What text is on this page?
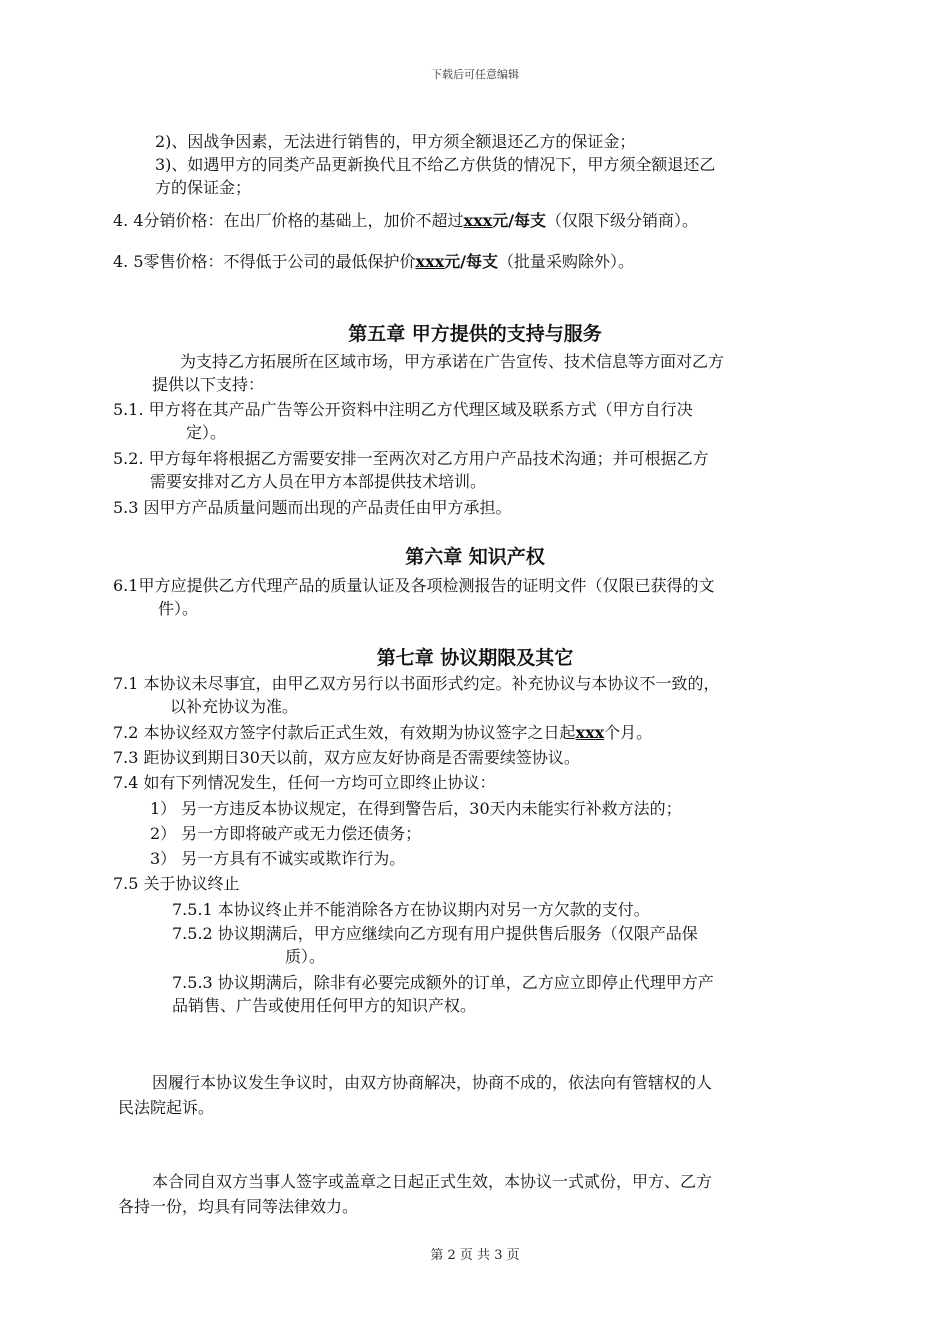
下载后可任意编辑

2)、因战争因素，无法进行销售的，甲方须全额退还乙方的保证金；

3)、如遇甲方的同类产品更新换代且不给乙方供货的情况下，甲方须全额退还乙

方的保证金；

4. 4分销价格：在出厂价格的基础上，加价不超过xxx元/每支（仅限下级分销商）。

4. 5零售价格：不得低于公司的最低保护价xxx元/每支（批量采购除外）。

第五章 甲方提供的支持与服务

为支持乙方拓展所在区域市场，甲方承诺在广告宣传、技术信息等方面对乙方

提供以下支持：

5.1. 甲方将在其产品广告等公开资料中注明乙方代理区域及联系方式（甲方自行决

定）。

5.2. 甲方每年将根据乙方需要安排一至两次对乙方用户产品技术沟通；并可根据乙方

需要安排对乙方人员在甲方本部提供技术培训。

5.3 因甲方产品质量问题而出现的产品责任由甲方承担。

第六章 知识产权

6.1甲方应提供乙方代理产品的质量认证及各项检测报告的证明文件（仅限已获得的文

件）。

第七章 协议期限及其它

7.1 本协议未尽事宜，由甲乙双方另行以书面形式约定。补充协议与本协议不一致的，

以补充协议为准。

7.2 本协议经双方签字付款后正式生效，有效期为协议签字之日起xxx个月。

7.3 距协议到期日30天以前，双方应友好协商是否需要续签协议。

7.4 如有下列情况发生，任何一方均可立即终止协议：

1） 另一方违反本协议规定，在得到警告后，30天内未能实行补救方法的；

2） 另一方即将破产或无力偿还债务；

3） 另一方具有不诚实或欺诈行为。

7.5 关于协议终止

7.5.1 本协议终止并不能消除各方在协议期内对另一方欠款的支付。

7.5.2 协议期满后，甲方应继续向乙方现有用户提供售后服务（仅限产品保

质）。

7.5.3 协议期满后，除非有必要完成额外的订单，乙方应立即停止代理甲方产

品销售、广告或使用任何甲方的知识产权。

因履行本协议发生争议时，由双方协商解决，协商不成的，依法向有管辖权的人

民法院起诉。

本合同自双方当事人签字或盖章之日起正式生效，本协议一式贰份，甲方、乙方

各持一份，均具有同等法律效力。

第 2 页 共 3 页
